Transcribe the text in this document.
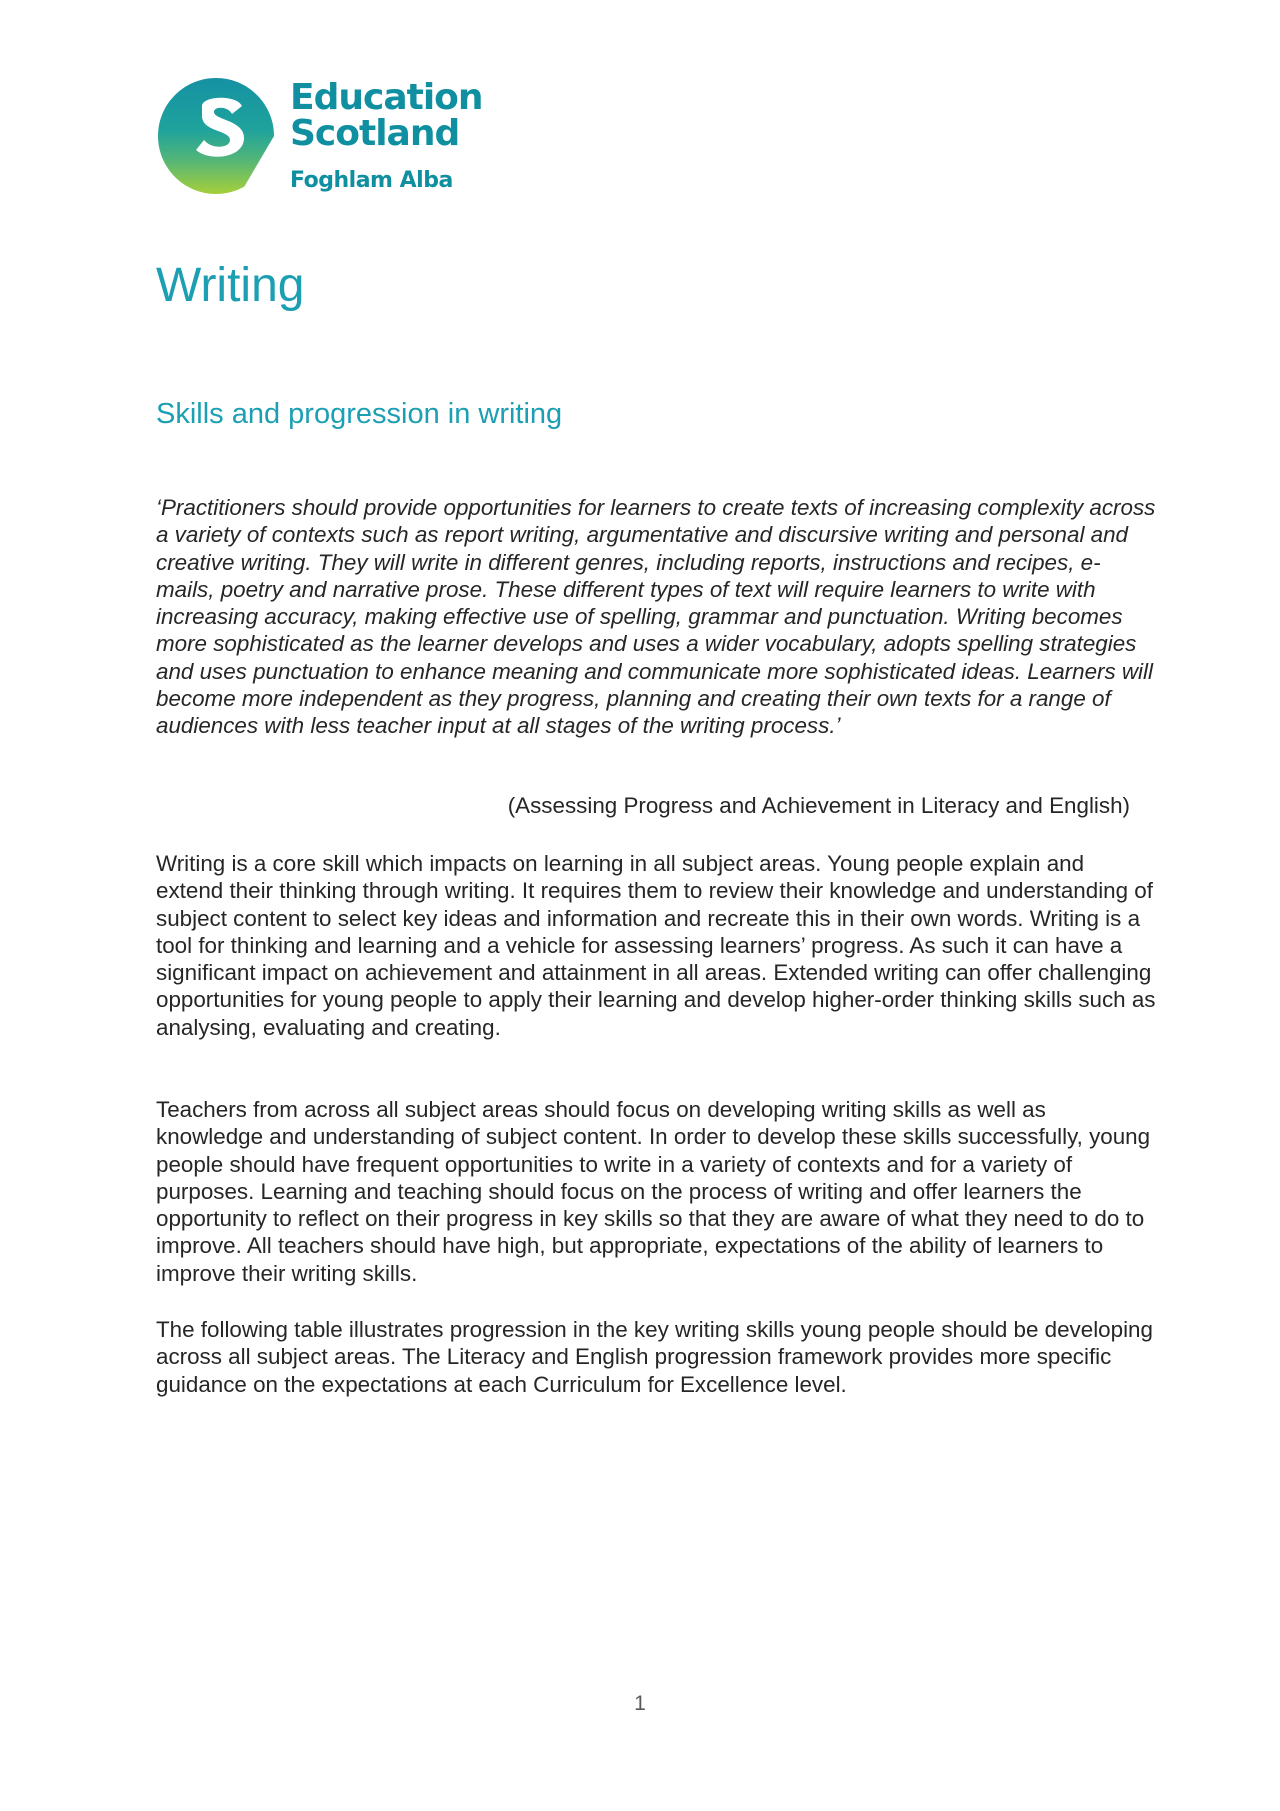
Education
Scotland
Foghlam Alba
Writing
Skills and progression in writing

‘Practitioners should provide opportunities for learners to create texts of increasing complexity across a variety of contexts such as report writing, argumentative and discursive writing and personal and creative writing. They will write in different genres, including reports, instructions and recipes, e-mails, poetry and narrative prose. These different types of text will require learners to write with increasing accuracy, making effective use of spelling, grammar and punctuation. Writing becomes more sophisticated as the learner develops and uses a wider vocabulary, adopts spelling strategies and uses punctuation to enhance meaning and communicate more sophisticated ideas. Learners will become more independent as they progress, planning and creating their own texts for a range of audiences with less teacher input at all stages of the writing process.’

(Assessing Progress and Achievement in Literacy and English)

Writing is a core skill which impacts on learning in all subject areas. Young people explain and extend their thinking through writing. It requires them to review their knowledge and understanding of subject content to select key ideas and information and recreate this in their own words. Writing is a tool for thinking and learning and a vehicle for assessing learners’ progress. As such it can have a significant impact on achievement and attainment in all areas. Extended writing can offer challenging opportunities for young people to apply their learning and develop higher-order thinking skills such as analysing, evaluating and creating.

Teachers from across all subject areas should focus on developing writing skills as well as knowledge and understanding of subject content. In order to develop these skills successfully, young people should have frequent opportunities to write in a variety of contexts and for a variety of purposes. Learning and teaching should focus on the process of writing and offer learners the opportunity to reflect on their progress in key skills so that they are aware of what they need to do to improve. All teachers should have high, but appropriate, expectations of the ability of learners to improve their writing skills.

The following table illustrates progression in the key writing skills young people should be developing across all subject areas. The Literacy and English progression framework provides more specific guidance on the expectations at each Curriculum for Excellence level.

1
